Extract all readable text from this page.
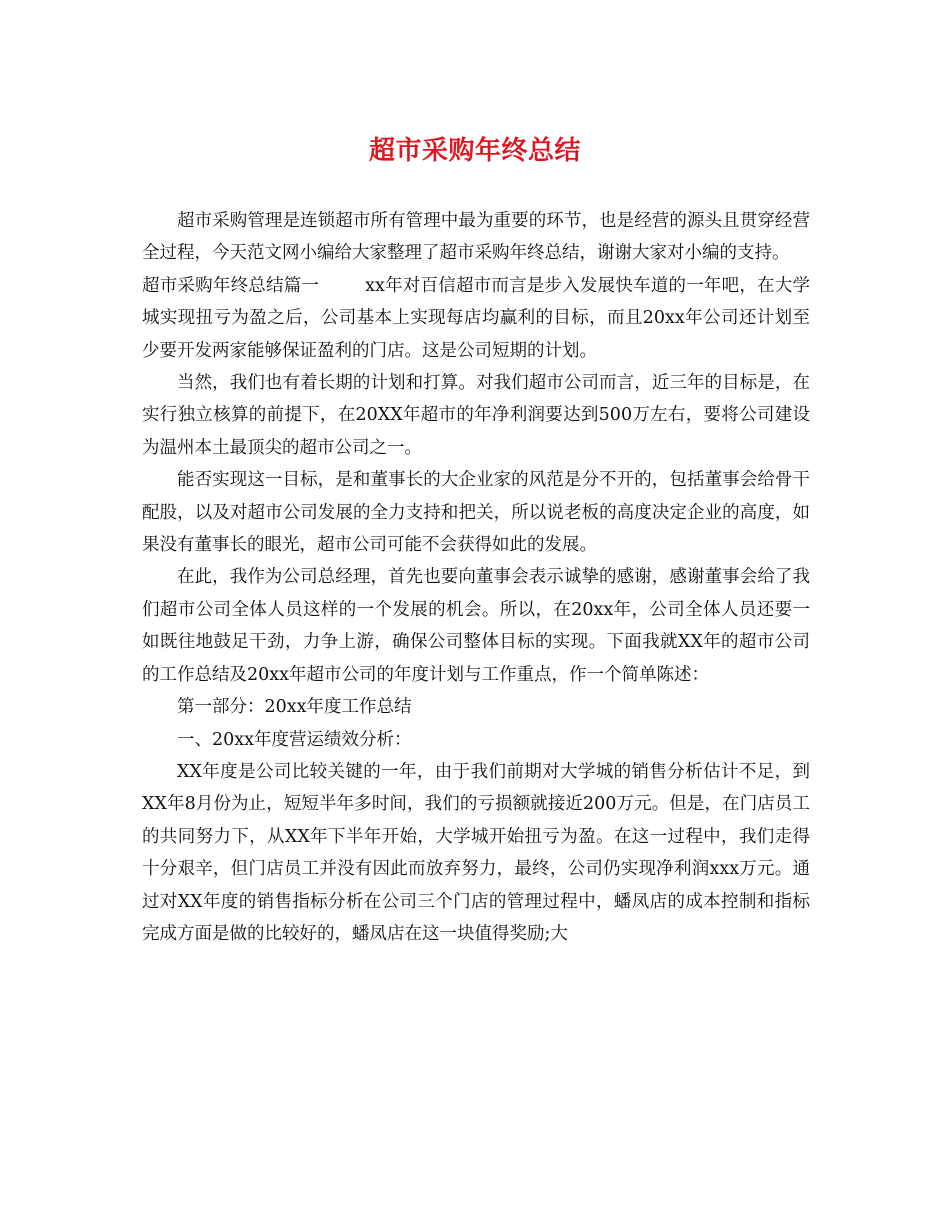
超市采购年终总结

超市采购管理是连锁超市所有管理中最为重要的环节，也是经营的源头且贯穿经营全过程，今天范文网小编给大家整理了超市采购年终总结，谢谢大家对小编的支持。

超市采购年终总结篇一	xx年对百信超市而言是步入发展快车道的一年吧，在大学城实现扭亏为盈之后，公司基本上实现每店均赢利的目标，而且20xx年公司还计划至少要开发两家能够保证盈利的门店。这是公司短期的计划。

当然，我们也有着长期的计划和打算。对我们超市公司而言，近三年的目标是，在实行独立核算的前提下，在20XX年超市的年净利润要达到500万左右，要将公司建设为温州本土最顶尖的超市公司之一。

能否实现这一目标，是和董事长的大企业家的风范是分不开的，包括董事会给骨干配股，以及对超市公司发展的全力支持和把关，所以说老板的高度决定企业的高度，如果没有董事长的眼光，超市公司可能不会获得如此的发展。

在此，我作为公司总经理，首先也要向董事会表示诚挚的感谢，感谢董事会给了我们超市公司全体人员这样的一个发展的机会。所以，在20xx年，公司全体人员还要一如既往地鼓足干劲，力争上游，确保公司整体目标的实现。下面我就XX年的超市公司的工作总结及20xx年超市公司的年度计划与工作重点，作一个简单陈述：

第一部分：20xx年度工作总结

一、20xx年度营运绩效分析：

XX年度是公司比较关键的一年，由于我们前期对大学城的销售分析估计不足，到XX年8月份为止，短短半年多时间，我们的亏损额就接近200万元。但是，在门店员工的共同努力下，从XX年下半年开始，大学城开始扭亏为盈。在这一过程中，我们走得十分艰辛，但门店员工并没有因此而放弃努力，最终，公司仍实现净利润xxx万元。通过对XX年度的销售指标分析在公司三个门店的管理过程中，蟠凤店的成本控制和指标完成方面是做的比较好的，蟠凤店在这一块值得奖励;大
